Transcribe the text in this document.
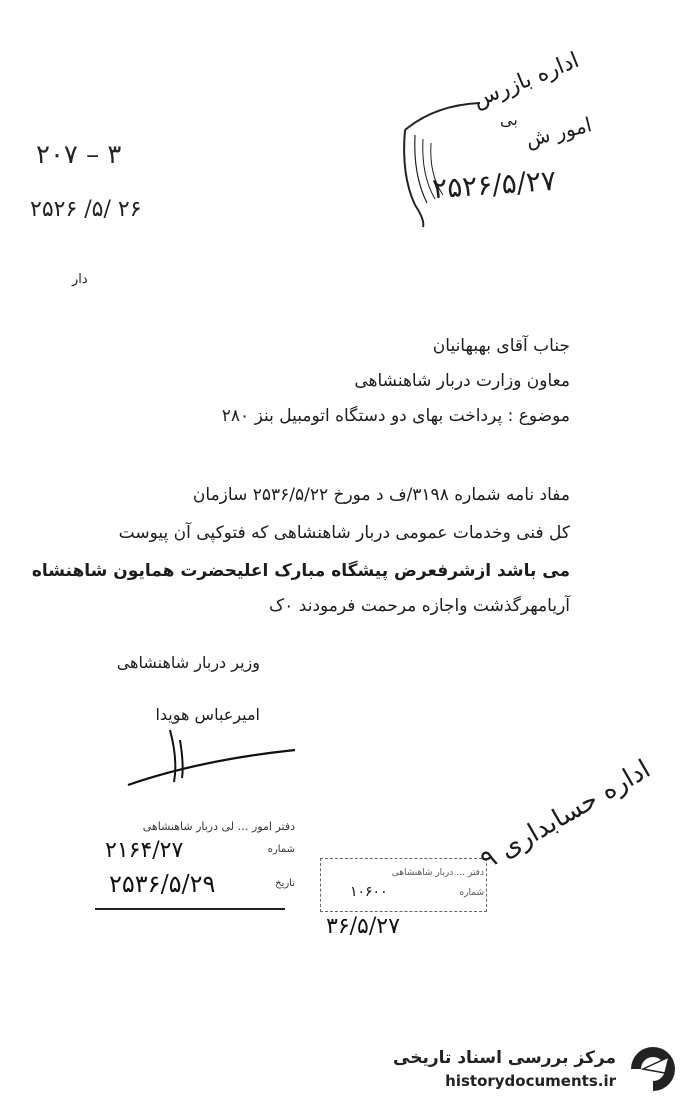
اداره بازرس
امور ش
بی
۲۵۲۶/۵/۲۷
۲۰۷ – ۳
۲۵۲۶ /۵/ ۲۶
دار
جناب آقای بهبهانیان
معاون وزارت دربار شاهنشاهی
موضوع : پرداخت بهای دو دستگاه اتومبیل بنز ۲۸۰
مفاد نامه شماره ۳۱۹۸/ف د مورخ ۲۵۳۶/۵/۲۲ سازمان
کل فنی وخدمات عمومی دربار شاهنشاهی که فتوکپی آن پیوست
می باشد ازشرفعرض پیشگاه مبارک اعلیحضرت همایون شاهنشاه
آریامهرگذشت واجازه مرحمت فرمودند ۰ک
وزیر دربار شاهنشاهی
امیرعباس هویدا
دفتر امور … لی دربار شاهنشاهی
شماره
۲۱۶۴/۲۷
تاریخ
۲۵۳۶/۵/۲۹	دفتر … دربار شاهنشاهی
شماره
۱۰۶۰۰
۳۶/۵/۲۷
اداره حسابداری ۹
مرکز بررسی اسناد تاریخی
historydocuments.ir
